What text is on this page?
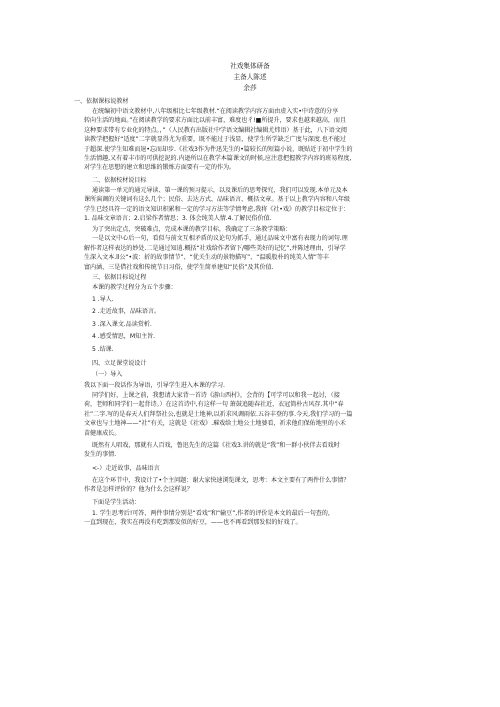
社戏集体研备
主备人陈述
余莎
一、依据课标说教材
在统编初中语文教材中,八年级相比七年级教材.“在阅读教学内容方面由虚入实•中诗意的分享
转向生活的地面。”在阅读教学的要求方面比以前丰富，难度也彳!■所提升，要求也越来越高，而且
这种要求带有专业化的特点。，”（人民教有出版社中学语文编辑社编辑尤炜语）基于此，八下语文阅
读教学把握好“适度”二字就显得尤为重要，既不能过于浅显，使学生所学缺乏广度与深度.也不能过
于超深.使学生知难而退•忘而却步.《社戏3作为件迅先生的•篇较长的短篇小说，既贴近于初中学生的
生活情趣,又有着丰市的可供挖泥的.内逊所以在教学本篇课文的时候,应注意把握教学内容的班易程度,
对学生在思想的建立和思维的锻炼方面要有一定的作为。
二、依据校材说目标
通读第一单元的通元导读、第一课的预习提示，以及课后的思考探究，我们可以发现.本单元及本
课所演调的关键词有这么几个；民俗、去达方式、品味语言、概括文章。基于以上教学内容和八年级
学生已经具符一定的语文知识积累和一定的学习方法等学情考虑,我将《社•戏》的教学目标定位于：
1. 品味文章语言；2.启梁作者情思；3. 体会纯美人情.4.了解民俗价值.
为了突出定点，突破难点，完成本课的教学目标，我确定了三条教学策略：
一是以文中心后一句，看似与前文互相矛盾的议论句为抓手，通过品味文中富有表现力的词句.理
解作者这样表达的妙处.二是通过知逍.概括“社戏给作者留下/哪些美好的记忆”,并陈述理由，引导学
生深入文本.ll公“•波：折的故事情节”、“优关生动的景物描写”、“温暖股朴的纯美人情”等丰
富内涵，三是借社戏和传统节日习俗，使学生简单建知“民俗”及其价值.
三、依据目标说过程
本课的教学过程分为五个步骤：
1 .导人.
2 .走近故事，品味语言。
3 .深入课文.品读赏析.
4 .感受情思，M知主旨.
5 .结课.
四、立足课堂说设计
（一）导入
我以下面一段话作为导语，引导学生进入本课的学习.
同学们好，上课之前，我想请大家背一首诗《游山西村》，会背的【可学可以和我一起讨，（接
荷，老师和同学们一起背诗。）在这首诗中,有这样一句 箫鼓追随春社近，衣冠简朴古风存.其中“春
社”二字.写的是春天人们拜祭社公,也就是土地神,以祈求风调雨依.五谷丰登的事.今天,我们学习的一篇
文章也与土地神——“社”有关，这就是《社戏》.璀戏给土地公土地婆看，祈求他们保佑地里的小禾
苗健康成长。
既然有人唱戏，那就有人百戏，鲁迅先生的这篇《社戏3.讲的就是“我”和一群小伙伴去看戏时
发生的事情.
<-）走近故事，品味语言
在这个环节中，我设计了•个主问题：谢大家快速浏览课文，思考：本文主要有了两件什么事情？
作者是怎样评价的？他为什么会这样说？
下面是学生活动：
1. 学生思考后!可答，两件事情分别是“看戏”和“输豆”,作者的评价是本文的最后一句查的，
一直到现在，我实在再没有吃到那发似的好豆，——也不再看到那发似的好戏了。
